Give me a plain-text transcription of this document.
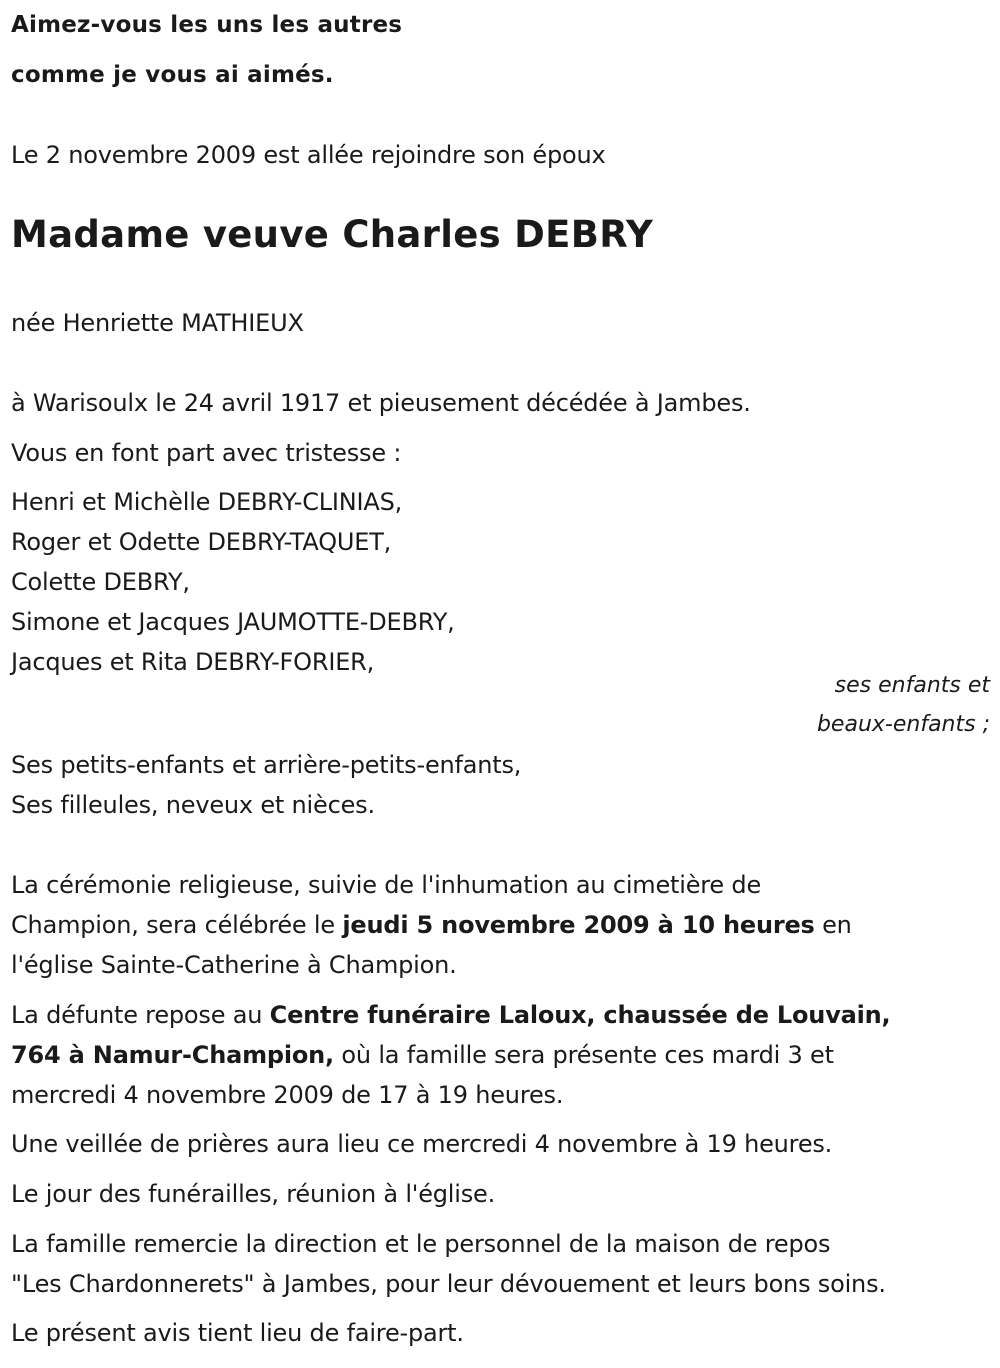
Aimez-vous les uns les autres
comme je vous ai aimés.
Le 2 novembre 2009 est allée rejoindre son époux
Madame veuve Charles DEBRY
née Henriette MATHIEUX
à Warisoulx le 24 avril 1917 et pieusement décédée à Jambes.
Vous en font part avec tristesse :
Henri et Michèlle DEBRY-CLINIAS,
Roger et Odette DEBRY-TAQUET,
Colette DEBRY,
Simone et Jacques JAUMOTTE-DEBRY,
Jacques et Rita DEBRY-FORIER,
ses enfants et
beaux-enfants ;
Ses petits-enfants et arrière-petits-enfants,
Ses filleules, neveux et nièces.
La cérémonie religieuse, suivie de l'inhumation au cimetière de
Champion, sera célébrée le jeudi 5 novembre 2009 à 10 heures en
l'église Sainte-Catherine à Champion.
La défunte repose au Centre funéraire Laloux, chaussée de Louvain,
764 à Namur-Champion, où la famille sera présente ces mardi 3 et
mercredi 4 novembre 2009 de 17 à 19 heures.
Une veillée de prières aura lieu ce mercredi 4 novembre à 19 heures.
Le jour des funérailles, réunion à l'église.
La famille remercie la direction et le personnel de la maison de repos
"Les Chardonnerets" à Jambes, pour leur dévouement et leurs bons soins.
Le présent avis tient lieu de faire-part.
